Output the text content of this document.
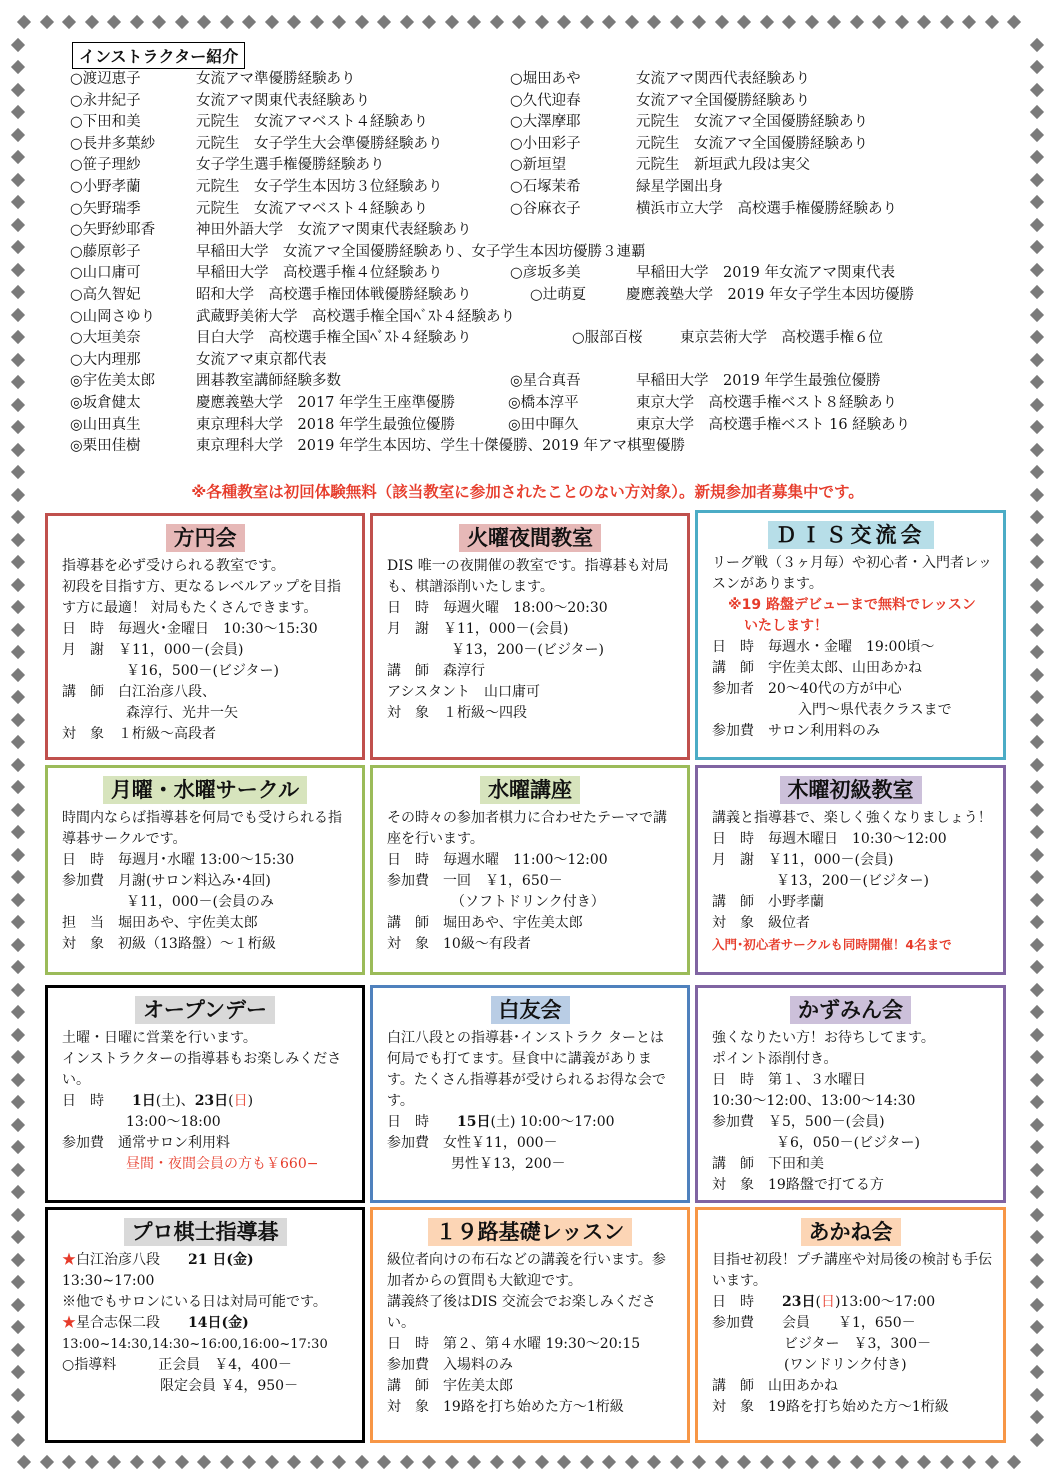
インストラクター紹介
○渡辺恵子	女流アマ準優勝経験あり	○堀田あや	女流アマ関西代表経験あり
○永井紀子	女流アマ関東代表経験あり	○久代迎春	女流アマ全国優勝経験あり
○下田和美	元院生　女流アマベスト４経験あり	○大澤摩耶	元院生　女流アマ全国優勝経験あり
○長井多葉紗	元院生　女子学生大会準優勝経験あり	○小田彩子	元院生　女流アマ全国優勝経験あり
○笹子理紗	女子学生選手権優勝経験あり	○新垣望	元院生　新垣武九段は実父
○小野孝蘭	元院生　女子学生本因坊３位経験あり	○石塚茉希	緑星学園出身
○矢野瑞季	元院生　女流アマベスト４経験あり	○谷麻衣子	横浜市立大学　高校選手権優勝経験あり
○矢野紗耶香	神田外語大学　女流アマ関東代表経験あり
○藤原彰子	早稲田大学　女流アマ全国優勝経験あり、女子学生本因坊優勝３連覇
○山口庸可	早稲田大学　高校選手権４位経験あり	○彦坂多美	早稲田大学　2019 年女流アマ関東代表
○高久智妃	昭和大学　高校選手権団体戦優勝経験あり	○辻萌夏	慶應義塾大学　2019 年女子学生本因坊優勝
○山岡さゆり	武蔵野美術大学　高校選手権全国ﾍﾞｽﾄ４経験あり
○大垣美奈	目白大学　高校選手権全国ﾍﾞｽﾄ４経験あり	○服部百桜	東京芸術大学　高校選手権６位
○大内理那	女流アマ東京都代表
◎宇佐美太郎	囲碁教室講師経験多数	◎星合真吾	早稲田大学　2019 年学生最強位優勝
◎坂倉健太	慶應義塾大学　2017 年学生王座準優勝	◎橋本淳平	東京大学　高校選手権ベスト８経験あり
◎山田真生	東京理科大学　2018 年学生最強位優勝	◎田中暉久	東京大学　高校選手権ベスト 16 経験あり
◎栗田佳樹	東京理科大学　2019 年学生本因坊、学生十傑優勝、2019 年アマ棋聖優勝
※各種教室は初回体験無料（該当教室に参加されたことのない方対象）。新規参加者募集中です。
方円会
指導碁を必ず受けられる教室です。
初段を目指す方、更なるレベルアップを目指す方に最適！ 対局もたくさんできます。
日　時　 毎週火･金曜日　10:30～15:30
月　謝　 ￥11，000－(会員)
￥16，500－(ビジター)
講　師　 白江治彦八段、
森淳行、光井一矢
対　象　 １桁級～高段者
火曜夜間教室
DIS 唯一の夜開催の教室です。指導碁も対局も、棋譜添削いたします。
日　時　 毎週火曜　18:00～20:30
月　謝　 ￥11，000－(会員)
￥13，200－(ビジター)
講　師　 森淳行
アシスタント　山口庸可
対　象　 １桁級～四段
ＤＩＳ交流会
リーグ戦（３ヶ月毎）や初心者・入門者レッスンがあります。
※19 路盤デビューまで無料でレッスン
いたします！
日　時　 毎週水・金曜　19:00頃～
講　師　 宇佐美太郎、山田あかね
参加者　 20～40代の方が中心
入門～県代表クラスまで
参加費　 サロン利用料のみ
月曜・水曜サークル
時間内ならば指導碁を何局でも受けられる指導碁サークルです。
日　時　 毎週月･水曜 13:00～15:30
参加費　 月謝(サロン料込み･4回)
￥11，000－(会員のみ
担　当　 堀田あや、宇佐美太郎
対　象　 初級（13路盤）～１桁級
水曜講座
その時々の参加者棋力に合わせたテーマで講座を行います。
日　時　 毎週水曜　11:00～12:00
参加費　 一回　￥1，650－
（ソフトドリンク付き）
講　師　 堀田あや、宇佐美太郎
対　象　 10級～有段者
木曜初級教室
講義と指導碁で、楽しく強くなりましょう！
日　時　 毎週木曜日　10:30～12:00
月　謝　 ￥11，000－(会員)
￥13，200－(ビジター)
講　師　 小野孝蘭
対　象　 級位者
入門･初心者サークルも同時開催！4名まで
オープンデー
土曜・日曜に営業を行います。
インストラクターの指導碁もお楽しみください。
日　時　　 1日(土)、23日(日)
13:00～18:00
参加費　 通常サロン利用料
昼間・夜間会員の方も￥660−
白友会
白江八段との指導碁･インストラク ターとは何局でも打てます。昼食中に講義があります。たくさん指導碁が受けられるお得な会です。
日　時　　 15日(土) 10:00～17:00
参加費　 女性￥11，000－
男性￥13，200－
かずみん会
強くなりたい方！お待ちしてます。
ポイント添削付き。
日　時　 第１、３水曜日
10:30～12:00、13:00～14:30
参加費　 ￥5，500－(会員)
￥6，050－(ビジター)
講　師　 下田和美
対　象　 19路盤で打てる方
プロ棋士指導碁
★白江治彦八段　　 21 日(金)
13:30~17:00
※他でもサロンにいる日は対局可能です。
★星合志保二段　　 14日(金)
13:00~14:30,14:30~16:00,16:00~17:30
○指導料　　　	正会員　 ￥4，400－
限定会員 ￥4，950－
１９路基礎レッスン
級位者向けの布石などの講義を行います。参加者からの質問も大歓迎です。
講義終了後はDIS 交流会でお楽しみください。
日　時　 第２、第４水曜 19:30～20:15
参加費　 入場料のみ
講　師　 宇佐美太郎
対　象　 19路を打ち始めた方～1桁級
あかね会
目指せ初段！プチ講座や対局後の検討も手伝います。
日　時　　 23日(日)13:00～17:00
参加費　　 会員　　 ￥1，650－
ビジター　 ￥3，300－
(ワンドリンク付き)
講　師　 山田あかね
対　象　 19路を打ち始めた方～1桁級
